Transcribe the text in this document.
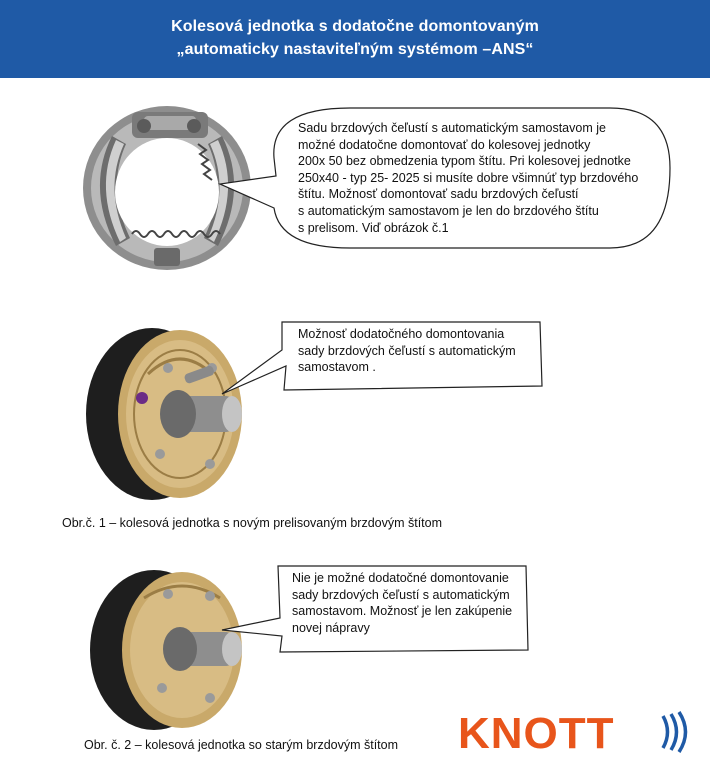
Kolesová jednotka s dodatočne domontovaným
„automaticky nastaviteľným systémom –ANS“
Sadu brzdových čeľustí s automatickým samostavom je
možné dodatočne domontovať do kolesovej jednotky
200x 50 bez obmedzenia typom štítu. Pri kolesovej jednotke
250x40 - typ 25- 2025 si musíte dobre všimnúť typ brzdového
štítu. Možnosť domontovať sadu brzdových čeľustí
s automatickým samostavom je len do brzdového štítu
s prelisom. Viď obrázok č.1
Možnosť dodatočného domontovania
sady brzdových čeľustí s automatickým
samostavom .
Obr.č. 1 – kolesová jednotka s novým prelisovaným brzdovým štítom
Nie je možné dodatočné domontovanie
sady brzdových čeľustí s automatickým
samostavom. Možnosť je len zakúpenie
novej nápravy
Obr. č. 2 – kolesová jednotka so starým brzdovým štítom KNOTT
